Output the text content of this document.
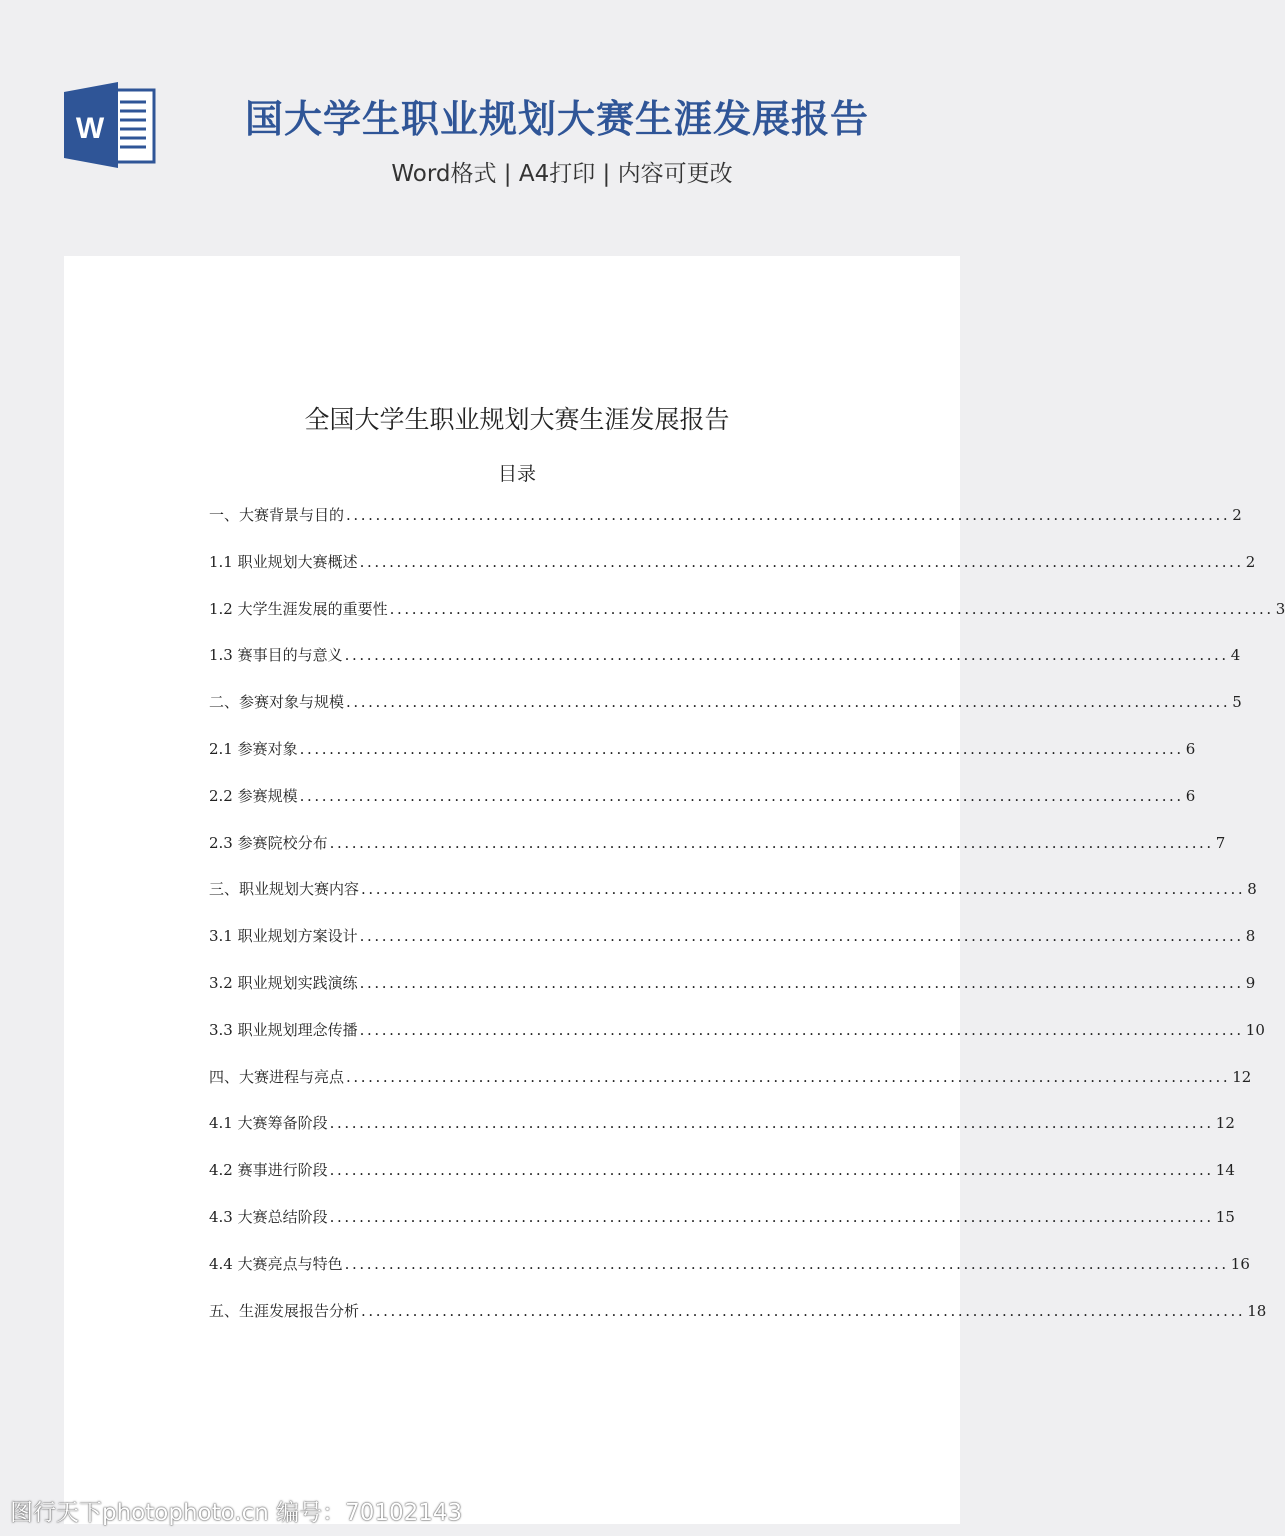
W	国大学生职业规划大赛生涯发展报告
Word格式 | A4打印 | 内容可更改
全国大学生职业规划大赛生涯发展报告
目录
一、大赛背景与目的 ........................................................................................................................ 2
1.1 职业规划大赛概述 ........................................................................................................................ 2
1.2 大学生涯发展的重要性 ........................................................................................................................ 3
1.3 赛事目的与意义 ........................................................................................................................ 4
二、参赛对象与规模 ........................................................................................................................ 5
2.1 参赛对象 ........................................................................................................................ 6
2.2 参赛规模 ........................................................................................................................ 6
2.3 参赛院校分布 ........................................................................................................................ 7
三、职业规划大赛内容 ........................................................................................................................ 8
3.1 职业规划方案设计 ........................................................................................................................ 8
3.2 职业规划实践演练 ........................................................................................................................ 9
3.3 职业规划理念传播 ........................................................................................................................ 10
四、大赛进程与亮点 ........................................................................................................................ 12
4.1 大赛筹备阶段 ........................................................................................................................ 12
4.2 赛事进行阶段 ........................................................................................................................ 14
4.3 大赛总结阶段 ........................................................................................................................ 15
4.4 大赛亮点与特色 ........................................................................................................................ 16
五、生涯发展报告分析 ........................................................................................................................ 18
图行天下photophoto.cn 编号：70102143
